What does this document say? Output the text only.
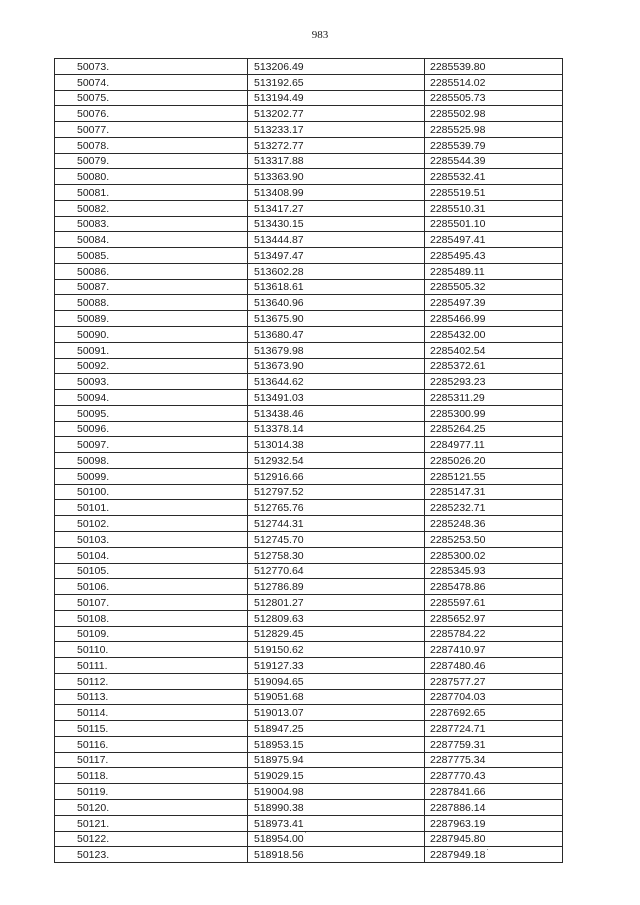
983
50073.	513206.49	2285539.80
50074.	513192.65	2285514.02
50075.	513194.49	2285505.73
50076.	513202.77	2285502.98
50077.	513233.17	2285525.98
50078.	513272.77	2285539.79
50079.	513317.88	2285544.39
50080.	513363.90	2285532.41
50081.	513408.99	2285519.51
50082.	513417.27	2285510.31
50083.	513430.15	2285501.10
50084.	513444.87	2285497.41
50085.	513497.47	2285495.43
50086.	513602.28	2285489.11
50087.	513618.61	2285505.32
50088.	513640.96	2285497.39
50089.	513675.90	2285466.99
50090.	513680.47	2285432.00
50091.	513679.98	2285402.54
50092.	513673.90	2285372.61
50093.	513644.62	2285293.23
50094.	513491.03	2285311.29
50095.	513438.46	2285300.99
50096.	513378.14	2285264.25
50097.	513014.38	2284977.11
50098.	512932.54	2285026.20
50099.	512916.66	2285121.55
50100.	512797.52	2285147.31
50101.	512765.76	2285232.71
50102.	512744.31	2285248.36
50103.	512745.70	2285253.50
50104.	512758.30	2285300.02
50105.	512770.64	2285345.93
50106.	512786.89	2285478.86
50107.	512801.27	2285597.61
50108.	512809.63	2285652.97
50109.	512829.45	2285784.22
50110.	519150.62	2287410.97
50111.	519127.33	2287480.46
50112.	519094.65	2287577.27
50113.	519051.68	2287704.03
50114.	519013.07	2287692.65
50115.	518947.25	2287724.71
50116.	518953.15	2287759.31
50117.	518975.94	2287775.34
50118.	519029.15	2287770.43
50119.	519004.98	2287841.66
50120.	518990.38	2287886.14
50121.	518973.41	2287963.19
50122.	518954.00	2287945.80
50123.	518918.56	2287949.18
